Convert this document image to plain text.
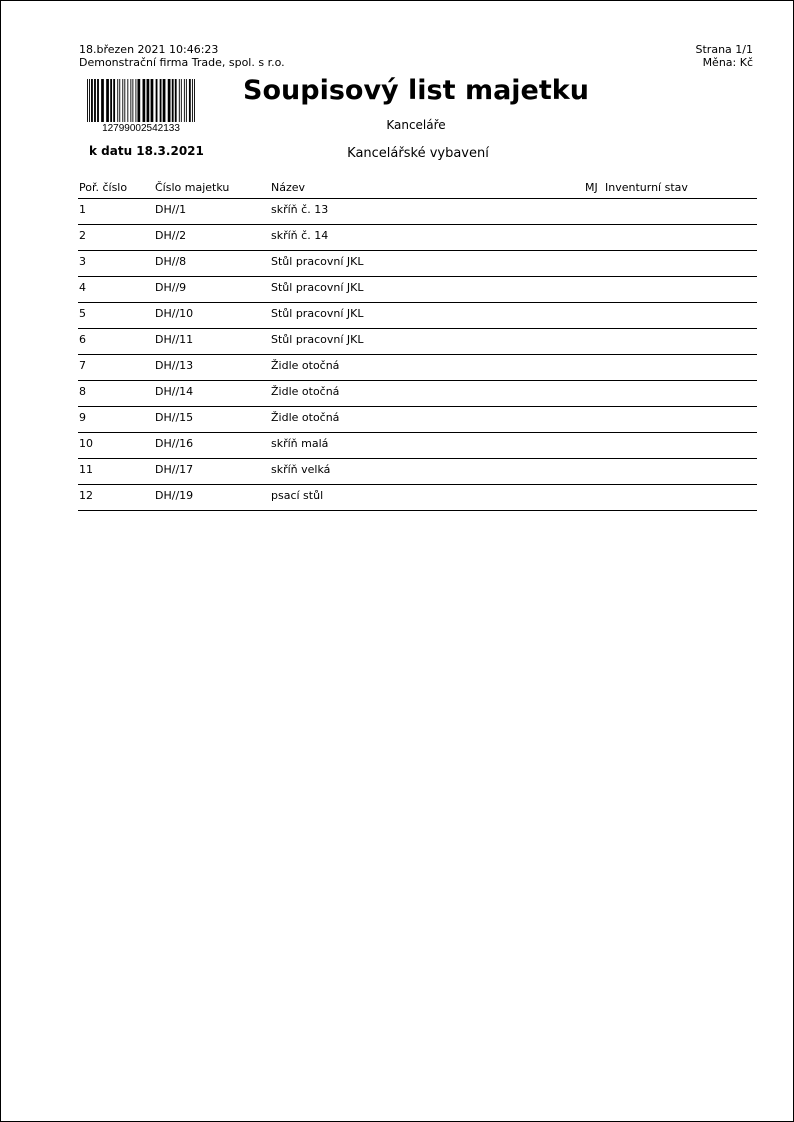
18.březen 2021 10:46:23
Demonstrační firma Trade, spol. s r.o.
Strana 1/1
Měna: Kč
12799002542133
Soupisový list majetku
Kanceláře
k datu 18.3.2021	Kancelářské vybavení
Poř. číslo	Číslo majetku	Název	MJ Inventurní stav
1	DH//1	skříň č. 13
2	DH//2	skříň č. 14
3	DH//8	Stůl pracovní JKL
4	DH//9	Stůl pracovní JKL
5	DH//10	Stůl pracovní JKL
6	DH//11	Stůl pracovní JKL
7	DH//13	Židle otočná
8	DH//14	Židle otočná
9	DH//15	Židle otočná
10	DH//16	skříň malá
11	DH//17	skříň velká
12	DH//19	psací stůl
